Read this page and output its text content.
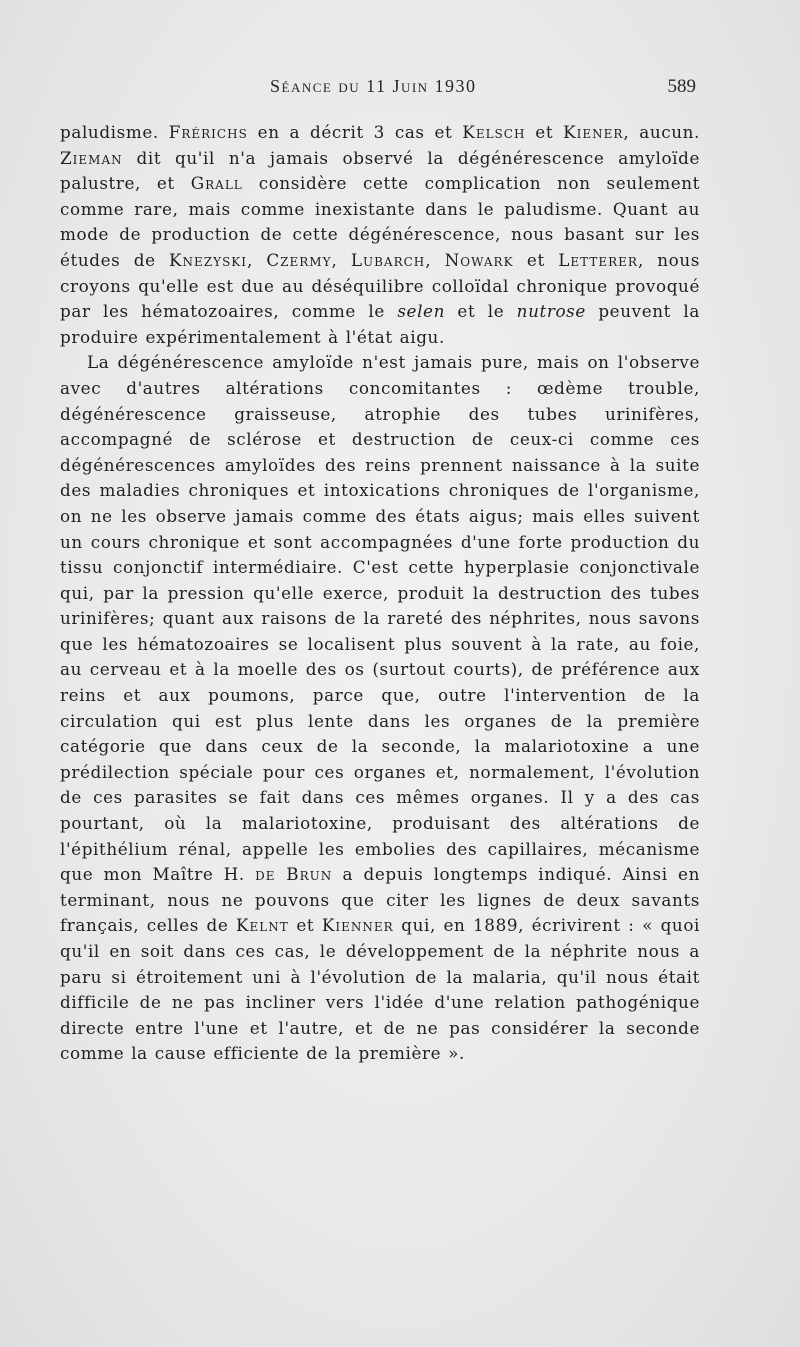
Séance du 11 Juin 1930	589

paludisme. Frérichs en a décrit 3 cas et Kelsch et Kiener, aucun. Zieman dit qu'il n'a jamais observé la dégénérescence amyloïde palustre, et Grall considère cette complication non seulement comme rare, mais comme inexistante dans le paludisme. Quant au mode de production de cette dégénérescence, nous basant sur les études de Knezyski, Czermy, Lubarch, Nowark et Letterer, nous croyons qu'elle est due au déséquilibre colloïdal chronique provoqué par les hématozoaires, comme le selen et le nutrose peuvent la produire expérimentalement à l'état aigu.

La dégénérescence amyloïde n'est jamais pure, mais on l'observe avec d'autres altérations concomitantes : œdème trouble, dégénérescence graisseuse, atrophie des tubes urinifères, accompagné de sclérose et destruction de ceux-ci comme ces dégénérescences amyloïdes des reins prennent naissance à la suite des maladies chroniques et intoxications chroniques de l'organisme, on ne les observe jamais comme des états aigus; mais elles suivent un cours chronique et sont accompagnées d'une forte production du tissu conjonctif intermédiaire. C'est cette hyperplasie conjonctivale qui, par la pression qu'elle exerce, produit la destruction des tubes urinifères; quant aux raisons de la rareté des néphrites, nous savons que les hématozoaires se localisent plus souvent à la rate, au foie, au cerveau et à la moelle des os (surtout courts), de préférence aux reins et aux poumons, parce que, outre l'intervention de la circulation qui est plus lente dans les organes de la première catégorie que dans ceux de la seconde, la malariotoxine a une prédilection spéciale pour ces organes et, normalement, l'évolution de ces parasites se fait dans ces mêmes organes. Il y a des cas pourtant, où la malariotoxine, produisant des altérations de l'épithélium rénal, appelle les embolies des capillaires, mécanisme que mon Maître H. de Brun a depuis longtemps indiqué. Ainsi en terminant, nous ne pouvons que citer les lignes de deux savants français, celles de Kelnt et Kienner qui, en 1889, écrivirent : « quoi qu'il en soit dans ces cas, le développement de la néphrite nous a paru si étroitement uni à l'évolution de la malaria, qu'il nous était difficile de ne pas incliner vers l'idée d'une relation pathogénique directe entre l'une et l'autre, et de ne pas considérer la seconde comme la cause efficiente de la première ».
